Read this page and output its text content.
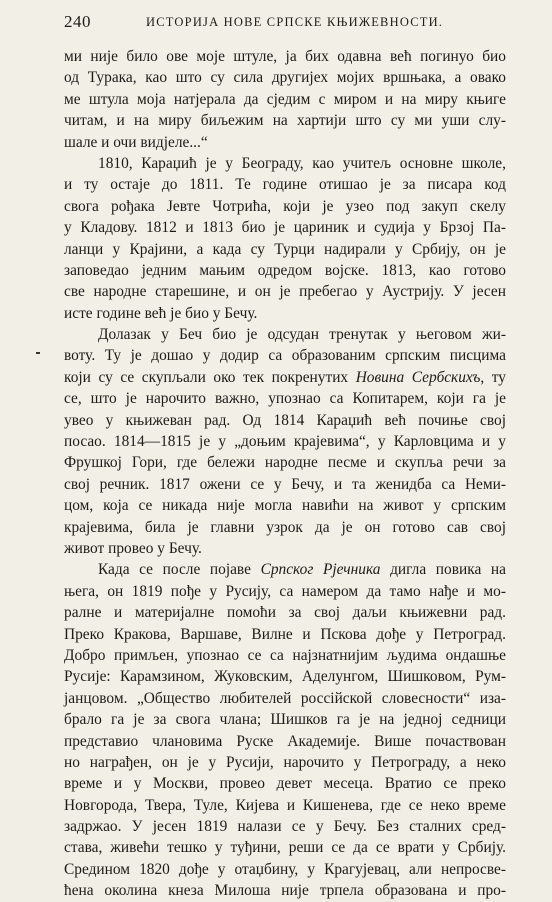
240	ИСТОРИЈА НОВЕ СРПСКЕ КЊИЖЕВНОСТИ.
ми није било ове моје штуле, ја бих одавна већ погинуо био
од Турака, као што су сила другијех мојих вршњака, а овако
ме штула моја натјерала да сједим с миром и на миру књиге
читам, и на миру биљежим на хартији што су ми уши слу-
шале и очи видјеле...“
1810, Караџић је у Београду, као учитељ основне школе,
и ту остаје до 1811. Те године отишао је за писара код
свога рођака Јевте Чотрића, који је узео под закуп скелу
у Кладову. 1812 и 1813 био је цариник и судија у Брзој Па-
ланци у Крајини, а када су Турци надирали у Србију, он је
заповедао једним мањим одредом војске. 1813, као готово
све народне старешине, и он је пребегао у Аустрију. У јесен
исте године већ је био у Бечу.
Долазак у Беч био је одсудан тренутак у његовом жи-
воту. Ту је дошао у додир са образованим српским писцима
који су се скупљали око тек покренутих Новина Сербскихъ, ту
се, што је нарочито важно, упознао са Копитарем, који га је
увео у књижеван рад. Од 1814 Караџић већ почиње свој
посао. 1814—1815 је у „доњим крајевима“, у Карловцима и у
Фрушкој Гори, где бележи народне песме и скупља речи за
свој речник. 1817 ожени се у Бечу, и та женидба са Неми-
цом, која се никада није могла навићи на живот у српским
крајевима, била је главни узрок да је он готово сав свој
живот провео у Бечу.
Када се после појаве Српског Рјечника дигла повика на
њега, он 1819 пође у Русију, са намером да тамо нађе и мо-
ралне и материјалне помоћи за свој даљи књижевни рад.
Преко Кракова, Варшаве, Вилне и Пскова дође у Петроград.
Добро примљен, упознао се са најзнатнијим људима ондашње
Русије: Карамзином, Жуковским, Аделунгом, Шишковом, Рум-
јанцовом. „Общество любителей россiйской словесности“ иза-
брало га је за свога члана; Шишков га је на једној седници
представио члановима Руске Академије. Више почаствован
но награђен, он је у Русији, нарочито у Петрограду, а неко
време и у Москви, провео девет месеца. Вратио се преко
Новгорода, Твера, Туле, Кијева и Кишенева, где се неко време
задржао. У јесен 1819 налази се у Бечу. Без сталних сред-
става, живећи тешко у туђини, реши се да се врати у Србију.
Средином 1820 дође у отаџбину, у Крагујевац, али непросве-
ћена околина кнеза Милоша није трпела образована и про-
